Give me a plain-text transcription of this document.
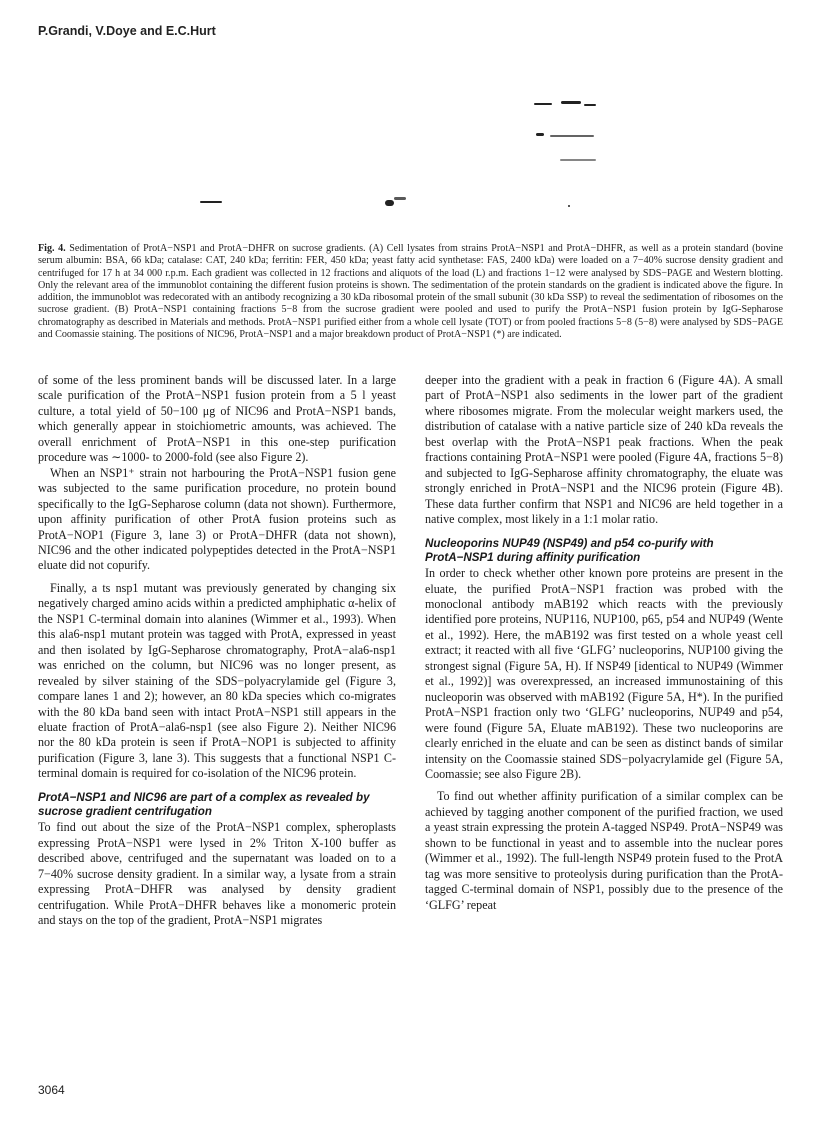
P.Grandi, V.Doye and E.C.Hurt
Fig. 4. Sedimentation of ProtA−NSP1 and ProtA−DHFR on sucrose gradients. (A) Cell lysates from strains ProtA−NSP1 and ProtA−DHFR, as well as a protein standard (bovine serum albumin: BSA, 66 kDa; catalase: CAT, 240 kDa; ferritin: FER, 450 kDa; yeast fatty acid synthetase: FAS, 2400 kDa) were loaded on a 7−40% sucrose density gradient and centrifuged for 17 h at 34 000 r.p.m. Each gradient was collected in 12 fractions and aliquots of the load (L) and fractions 1−12 were analysed by SDS−PAGE and Western blotting. Only the relevant area of the immunoblot containing the different fusion proteins is shown. The sedimentation of the protein standards on the gradient is indicated above the figure. In addition, the immunoblot was redecorated with an antibody recognizing a 30 kDa ribosomal protein of the small subunit (30 kDa SSP) to reveal the sedimentation of ribosomes on the sucrose gradient. (B) ProtA−NSP1 containing fractions 5−8 from the sucrose gradient were pooled and used to purify the ProtA−NSP1 fusion protein by IgG-Sepharose chromatography as described in Materials and methods. ProtA−NSP1 purified either from a whole cell lysate (TOT) or from pooled fractions 5−8 (5−8) were analysed by SDS−PAGE and Coomassie staining. The positions of NIC96, ProtA−NSP1 and a major breakdown product of ProtA−NSP1 (*) are indicated.

of some of the less prominent bands will be discussed later. In a large scale purification of the ProtA−NSP1 fusion protein from a 5 l yeast culture, a total yield of 50−100 μg of NIC96 and ProtA−NSP1 bands, which generally appear in stoichiometric amounts, was achieved. The overall enrichment of ProtA−NSP1 in this one-step purification procedure was ∼1000- to 2000-fold (see also Figure 2).

When an NSP1⁺ strain not harbouring the ProtA−NSP1 fusion gene was subjected to the same purification procedure, no protein bound specifically to the IgG-Sepharose column (data not shown). Furthermore, upon affinity purification of other ProtA fusion proteins such as ProtA−NOP1 (Figure 3, lane 3) or ProtA−DHFR (data not shown), NIC96 and the other indicated polypeptides detected in the ProtA−NSP1 eluate did not copurify.

Finally, a ts nsp1 mutant was previously generated by changing six negatively charged amino acids within a predicted amphiphatic α-helix of the NSP1 C-terminal domain into alanines (Wimmer et al., 1993). When this ala6-nsp1 mutant protein was tagged with ProtA, expressed in yeast and then isolated by IgG-Sepharose chromatography, ProtA−ala6-nsp1 was enriched on the column, but NIC96 was no longer present, as revealed by silver staining of the SDS−polyacrylamide gel (Figure 3, compare lanes 1 and 2); however, an 80 kDa species which co-migrates with the 80 kDa band seen with intact ProtA−NSP1 still appears in the eluate fraction of ProtA−ala6-nsp1 (see also Figure 2). Neither NIC96 nor the 80 kDa protein is seen if ProtA−NOP1 is subjected to affinity purification (Figure 3, lane 3). This suggests that a functional NSP1 C-terminal domain is required for co-isolation of the NIC96 protein.

ProtA−NSP1 and NIC96 are part of a complex as revealed by sucrose gradient centrifugation

To find out about the size of the ProtA−NSP1 complex, spheroplasts expressing ProtA−NSP1 were lysed in 2% Triton X-100 buffer as described above, centrifuged and the supernatant was loaded on to a 7−40% sucrose density gradient. In a similar way, a lysate from a strain expressing ProtA−DHFR was analysed by density gradient centrifugation. While ProtA−DHFR behaves like a monomeric protein and stays on the top of the gradient, ProtA−NSP1 migrates

deeper into the gradient with a peak in fraction 6 (Figure 4A). A small part of ProtA−NSP1 also sediments in the lower part of the gradient where ribosomes migrate. From the molecular weight markers used, the distribution of catalase with a native particle size of 240 kDa reveals the best overlap with the ProtA−NSP1 peak fractions. When the peak fractions containing ProtA−NSP1 were pooled (Figure 4A, fractions 5−8) and subjected to IgG-Sepharose affinity chromatography, the eluate was strongly enriched in ProtA−NSP1 and the NIC96 protein (Figure 4B). These data further confirm that NSP1 and NIC96 are held together in a native complex, most likely in a 1:1 molar ratio.

Nucleoporins NUP49 (NSP49) and p54 co-purify with ProtA−NSP1 during affinity purification

In order to check whether other known pore proteins are present in the eluate, the purified ProtA−NSP1 fraction was probed with the monoclonal antibody mAB192 which reacts with the previously identified pore proteins, NUP116, NUP100, p65, p54 and NUP49 (Wente et al., 1992). Here, the mAB192 was first tested on a whole yeast cell extract; it reacted with all five ‘GLFG’ nucleoporins, NUP100 giving the strongest signal (Figure 5A, H). If NSP49 [identical to NUP49 (Wimmer et al., 1992)] was overexpressed, an increased immunostaining of this nucleoporin was observed with mAB192 (Figure 5A, H*). In the purified ProtA−NSP1 fraction only two ‘GLFG’ nucleoporins, NUP49 and p54, were found (Figure 5A, Eluate mAB192). These two nucleoporins are clearly enriched in the eluate and can be seen as distinct bands of similar intensity on the Coomassie stained SDS−polyacrylamide gel (Figure 5A, Coomassie; see also Figure 2B).

To find out whether affinity purification of a similar complex can be achieved by tagging another component of the purified fraction, we used a yeast strain expressing the protein A-tagged NSP49. ProtA−NSP49 was shown to be functional in yeast and to assemble into the nuclear pores (Wimmer et al., 1992). The full-length NSP49 protein fused to the ProtA tag was more sensitive to proteolysis during purification than the ProtA-tagged C-terminal domain of NSP1, possibly due to the presence of the ‘GLFG’ repeat

3064
